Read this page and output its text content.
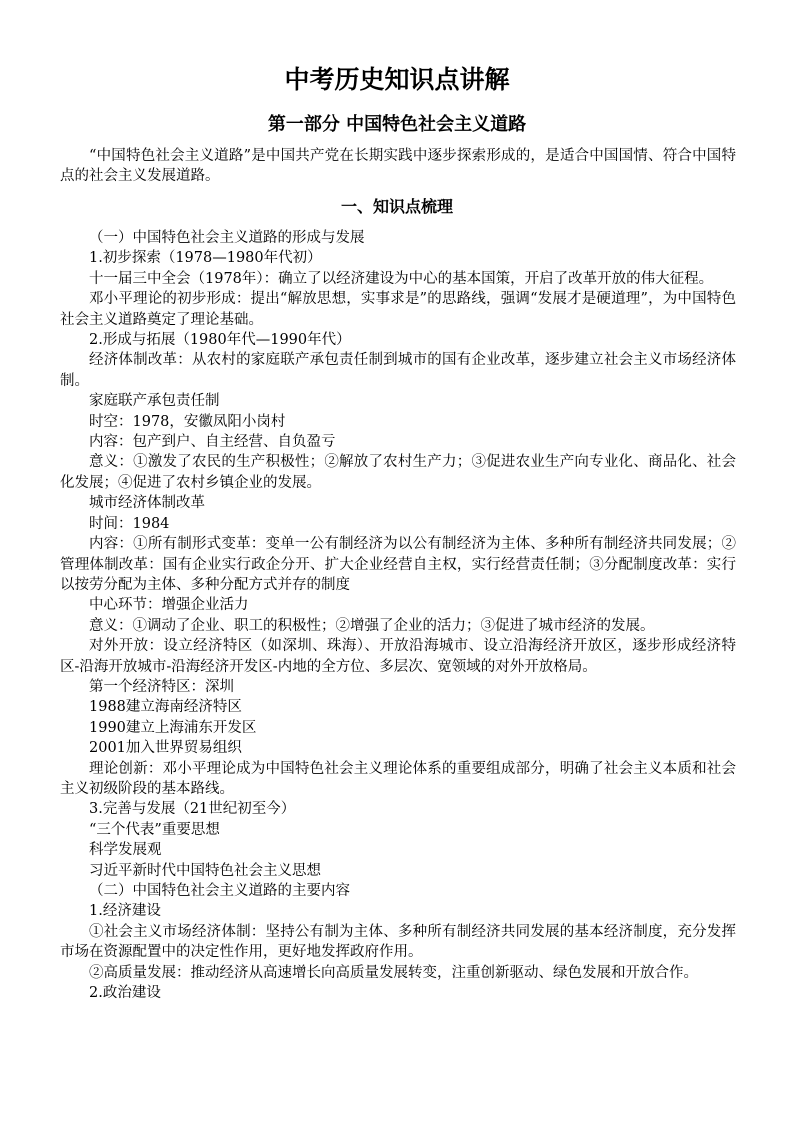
中考历史知识点讲解
第一部分 中国特色社会主义道路

“中国特色社会主义道路”是中国共产党在长期实践中逐步探索形成的，是适合中国国情、符合中国特点的社会主义发展道路。

一、知识点梳理

（一）中国特色社会主义道路的形成与发展

1.初步探索（1978—1980年代初）

十一届三中全会（1978年）：确立了以经济建设为中心的基本国策，开启了改革开放的伟大征程。

邓小平理论的初步形成：提出“解放思想，实事求是”的思路线，强调“发展才是硬道理”，为中国特色社会主义道路奠定了理论基础。

2.形成与拓展（1980年代—1990年代）

经济体制改革：从农村的家庭联产承包责任制到城市的国有企业改革，逐步建立社会主义市场经济体制。

家庭联产承包责任制

时空：1978，安徽凤阳小岗村

内容：包产到户、自主经营、自负盈亏

意义：①激发了农民的生产积极性；②解放了农村生产力；③促进农业生产向专业化、商品化、社会化发展；④促进了农村乡镇企业的发展。

城市经济体制改革

时间：1984

内容：①所有制形式变革：变单一公有制经济为以公有制经济为主体、多种所有制经济共同发展；②管理体制改革：国有企业实行政企分开、扩大企业经营自主权，实行经营责任制；③分配制度改革：实行以按劳分配为主体、多种分配方式并存的制度

中心环节：增强企业活力

意义：①调动了企业、职工的积极性；②增强了企业的活力；③促进了城市经济的发展。

对外开放：设立经济特区（如深圳、珠海）、开放沿海城市、设立沿海经济开放区，逐步形成经济特区-沿海开放城市-沿海经济开发区-内地的全方位、多层次、宽领域的对外开放格局。

第一个经济特区：深圳

1988建立海南经济特区

1990建立上海浦东开发区

2001加入世界贸易组织

理论创新：邓小平理论成为中国特色社会主义理论体系的重要组成部分，明确了社会主义本质和社会主义初级阶段的基本路线。

3.完善与发展（21世纪初至今）

“三个代表”重要思想

科学发展观

习近平新时代中国特色社会主义思想

（二）中国特色社会主义道路的主要内容

1.经济建设

①社会主义市场经济体制：坚持公有制为主体、多种所有制经济共同发展的基本经济制度，充分发挥市场在资源配置中的决定性作用，更好地发挥政府作用。

②高质量发展：推动经济从高速增长向高质量发展转变，注重创新驱动、绿色发展和开放合作。

2.政治建设
